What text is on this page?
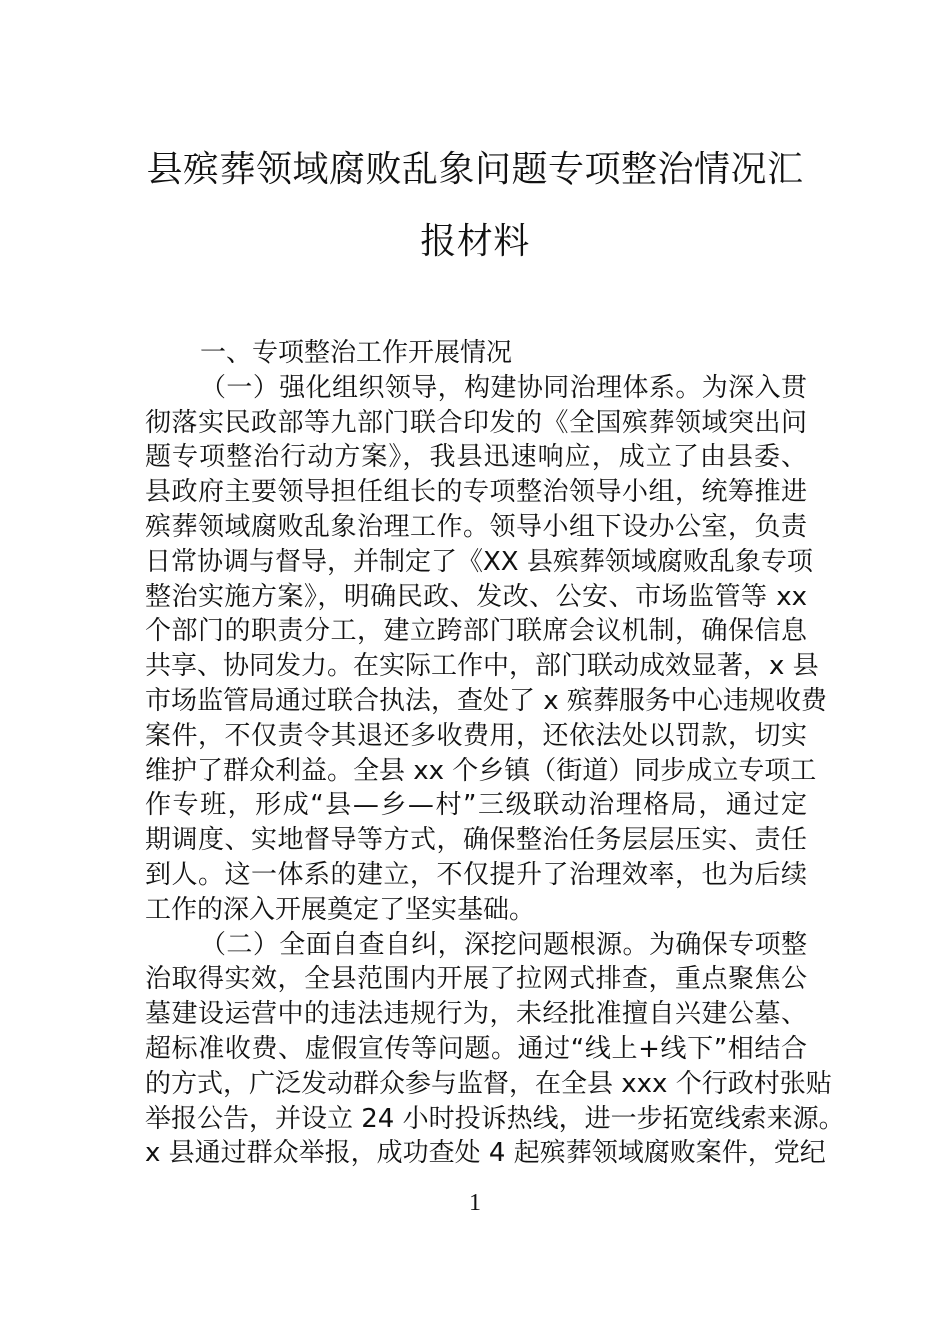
县殡葬领域腐败乱象问题专项整治情况汇
报材料
一、专项整治工作开展情况
（一）强化组织领导，构建协同治理体系。为深入贯
彻落实民政部等九部门联合印发的《全国殡葬领域突出问
题专项整治行动方案》，我县迅速响应，成立了由县委、
县政府主要领导担任组长的专项整治领导小组，统筹推进
殡葬领域腐败乱象治理工作。领导小组下设办公室，负责
日常协调与督导，并制定了《XX 县殡葬领域腐败乱象专项
整治实施方案》，明确民政、发改、公安、市场监管等 xx
个部门的职责分工，建立跨部门联席会议机制，确保信息
共享、协同发力。在实际工作中，部门联动成效显著，x 县
市场监管局通过联合执法，查处了 x 殡葬服务中心违规收费
案件，不仅责令其退还多收费用，还依法处以罚款，切实
维护了群众利益。全县 xx 个乡镇（街道）同步成立专项工
作专班，形成“县—乡—村”三级联动治理格局，通过定
期调度、实地督导等方式，确保整治任务层层压实、责任
到人。这一体系的建立，不仅提升了治理效率，也为后续
工作的深入开展奠定了坚实基础。
（二）全面自查自纠，深挖问题根源。为确保专项整
治取得实效，全县范围内开展了拉网式排查，重点聚焦公
墓建设运营中的违法违规行为，未经批准擅自兴建公墓、
超标准收费、虚假宣传等问题。通过“线上+线下”相结合
的方式，广泛发动群众参与监督，在全县 xxx 个行政村张贴
举报公告，并设立 24 小时投诉热线，进一步拓宽线索来源。
x 县通过群众举报，成功查处 4 起殡葬领域腐败案件，党纪
1
